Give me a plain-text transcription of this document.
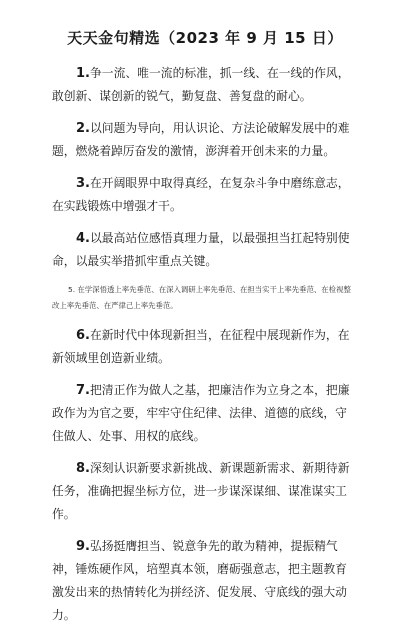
天天金句精选（2023 年 9 月 15 日）

1.争一流、唯一流的标准，抓一线、在一线的作风，敢创新、谋创新的锐气，勤复盘、善复盘的耐心。

2.以问题为导向，用认识论、方法论破解发展中的难题，燃烧着踔厉奋发的激情，澎湃着开创未来的力量。

3.在开阔眼界中取得真经，在复杂斗争中磨练意志，在实践锻炼中增强才干。

4.以最高站位感悟真理力量，以最强担当扛起特别使命，以最实举措抓牢重点关键。

5. 在学深悟透上率先垂范、在深入调研上率先垂范、在担当实干上率先垂范、在检视整改上率先垂范、在严律己上率先垂范。

6.在新时代中体现新担当，在征程中展现新作为，在新领域里创造新业绩。

7.把清正作为做人之基，把廉洁作为立身之本，把廉政作为为官之要，牢牢守住纪律、法律、道德的底线，守住做人、处事、用权的底线。

8.深刻认识新要求新挑战、新课题新需求、新期待新任务，准确把握坐标方位，进一步谋深谋细、谋准谋实工作。

9.弘扬挺膺担当、锐意争先的敢为精神，提振精气神，锤炼硬作风，培塑真本领，磨砺强意志，把主题教育激发出来的热情转化为拼经济、促发展、守底线的强大动力。
